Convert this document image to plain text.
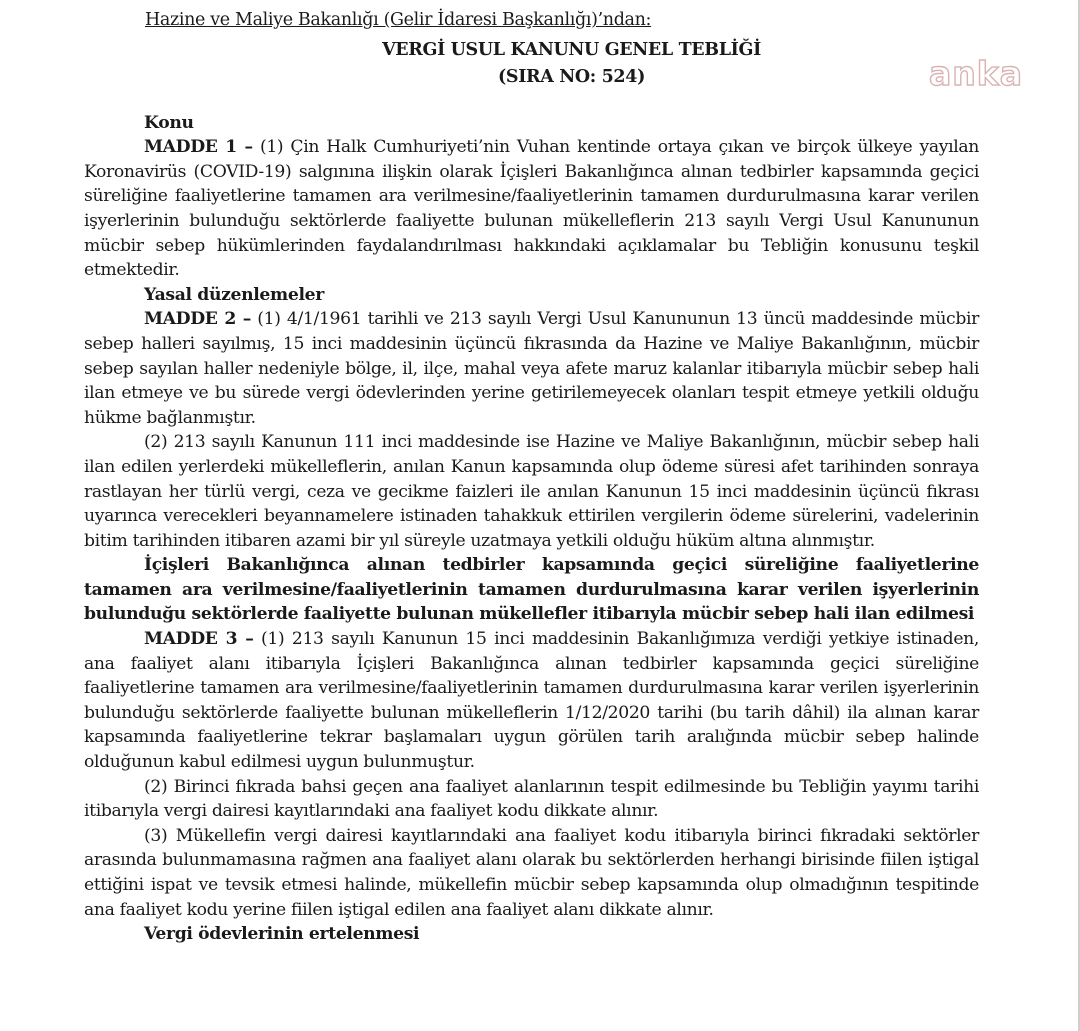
anka
Hazine ve Maliye Bakanlığı (Gelir İdaresi Başkanlığı)’ndan:
VERGİ USUL KANUNU GENEL TEBLİĞİ
(SIRA NO: 524)
Konu
MADDE 1 – (1) Çin Halk Cumhuriyeti’nin Vuhan kentinde ortaya çıkan ve birçok ülkeye yayılan Koronavirüs (COVID-19) salgınına ilişkin olarak İçişleri Bakanlığınca alınan tedbirler kapsamında geçici süreliğine faaliyetlerine tamamen ara verilmesine/faaliyetlerinin tamamen durdurulmasına karar verilen işyerlerinin bulunduğu sektörlerde faaliyette bulunan mükelleflerin 213 sayılı Vergi Usul Kanununun mücbir sebep hükümlerinden faydalandırılması hakkındaki açıklamalar bu Tebliğin konusunu teşkil etmektedir.
Yasal düzenlemeler
MADDE 2 – (1) 4/1/1961 tarihli ve 213 sayılı Vergi Usul Kanununun 13 üncü maddesinde mücbir sebep halleri sayılmış, 15 inci maddesinin üçüncü fıkrasında da Hazine ve Maliye Bakanlığının, mücbir sebep sayılan haller nedeniyle bölge, il, ilçe, mahal veya afete maruz kalanlar itibarıyla mücbir sebep hali ilan etmeye ve bu sürede vergi ödevlerinden yerine getirilemeyecek olanları tespit etmeye yetkili olduğu hükme bağlanmıştır.
(2) 213 sayılı Kanunun 111 inci maddesinde ise Hazine ve Maliye Bakanlığının, mücbir sebep hali ilan edilen yerlerdeki mükelleflerin, anılan Kanun kapsamında olup ödeme süresi afet tarihinden sonraya rastlayan her türlü vergi, ceza ve gecikme faizleri ile anılan Kanunun 15 inci maddesinin üçüncü fıkrası uyarınca verecekleri beyannamelere istinaden tahakkuk ettirilen vergilerin ödeme sürelerini, vadelerinin bitim tarihinden itibaren azami bir yıl süreyle uzatmaya yetkili olduğu hüküm altına alınmıştır.
İçişleri Bakanlığınca alınan tedbirler kapsamında geçici süreliğine faaliyetlerine tamamen ara verilmesine/faaliyetlerinin tamamen durdurulmasına karar verilen işyerlerinin bulunduğu sektörlerde faaliyette bulunan mükellefler itibarıyla mücbir sebep hali ilan edilmesi
MADDE 3 – (1) 213 sayılı Kanunun 15 inci maddesinin Bakanlığımıza verdiği yetkiye istinaden, ana faaliyet alanı itibarıyla İçişleri Bakanlığınca alınan tedbirler kapsamında geçici süreliğine faaliyetlerine tamamen ara verilmesine/faaliyetlerinin tamamen durdurulmasına karar verilen işyerlerinin bulunduğu sektörlerde faaliyette bulunan mükelleflerin 1/12/2020 tarihi (bu tarih dâhil) ila alınan karar kapsamında faaliyetlerine tekrar başlamaları uygun görülen tarih aralığında mücbir sebep halinde olduğunun kabul edilmesi uygun bulunmuştur.
(2) Birinci fıkrada bahsi geçen ana faaliyet alanlarının tespit edilmesinde bu Tebliğin yayımı tarihi itibarıyla vergi dairesi kayıtlarındaki ana faaliyet kodu dikkate alınır.
(3) Mükellefin vergi dairesi kayıtlarındaki ana faaliyet kodu itibarıyla birinci fıkradaki sektörler arasında bulunmamasına rağmen ana faaliyet alanı olarak bu sektörlerden herhangi birisinde fiilen iştigal ettiğini ispat ve tevsik etmesi halinde, mükellefin mücbir sebep kapsamında olup olmadığının tespitinde ana faaliyet kodu yerine fiilen iştigal edilen ana faaliyet alanı dikkate alınır.
Vergi ödevlerinin ertelenmesi
